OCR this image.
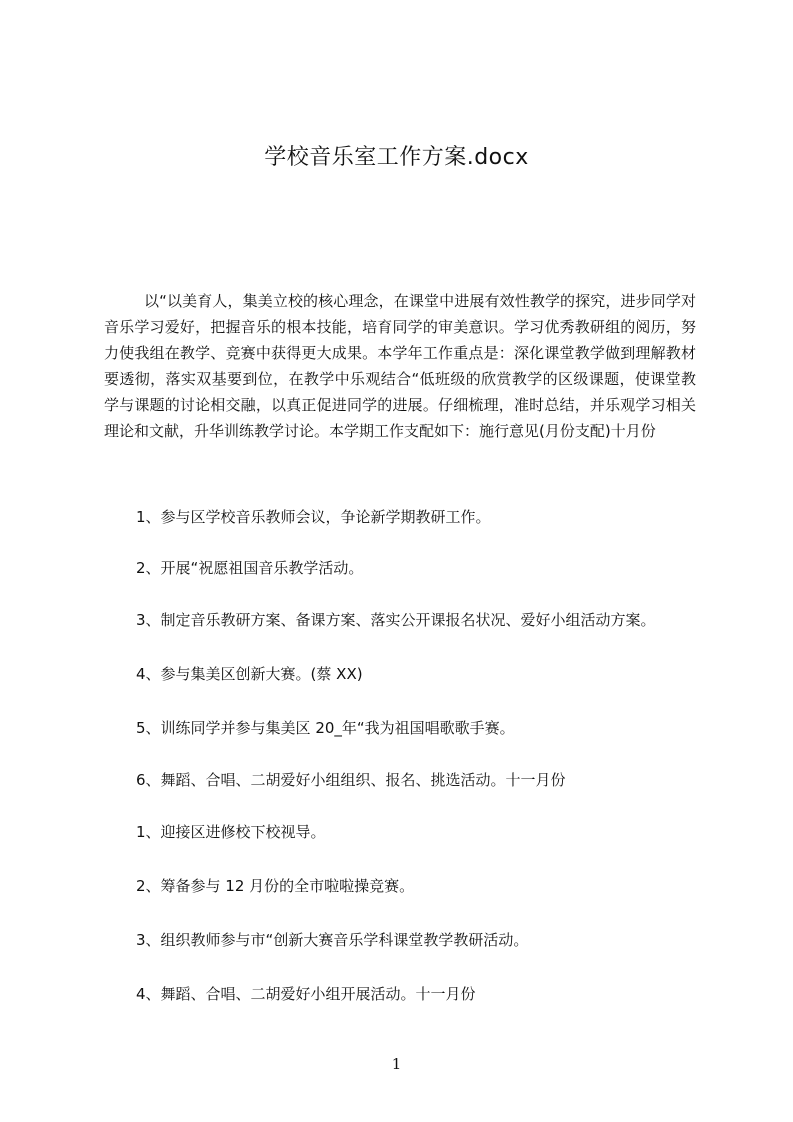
学校音乐室工作方案.docx

以“以美育人，集美立校的核心理念，在课堂中进展有效性教学的探究，进步同学对音乐学习爱好，把握音乐的根本技能，培育同学的审美意识。学习优秀教研组的阅历，努力使我组在教学、竞赛中获得更大成果。本学年工作重点是：深化课堂教学做到理解教材要透彻，落实双基要到位，在教学中乐观结合“低班级的欣赏教学的区级课题，使课堂教学与课题的讨论相交融，以真正促进同学的进展。仔细梳理，准时总结，并乐观学习相关理论和文献，升华训练教学讨论。本学期工作支配如下：施行意见(月份支配)十月份

1、参与区学校音乐教师会议，争论新学期教研工作。

2、开展“祝愿祖国音乐教学活动。

3、制定音乐教研方案、备课方案、落实公开课报名状况、爱好小组活动方案。

4、参与集美区创新大赛。(蔡 XX)

5、训练同学并参与集美区 20_年“我为祖国唱歌歌手赛。

6、舞蹈、合唱、二胡爱好小组组织、报名、挑选活动。十一月份

1、迎接区进修校下校视导。

2、筹备参与 12 月份的全市啦啦操竞赛。

3、组织教师参与市“创新大赛音乐学科课堂教学教研活动。

4、舞蹈、合唱、二胡爱好小组开展活动。十一月份

1
